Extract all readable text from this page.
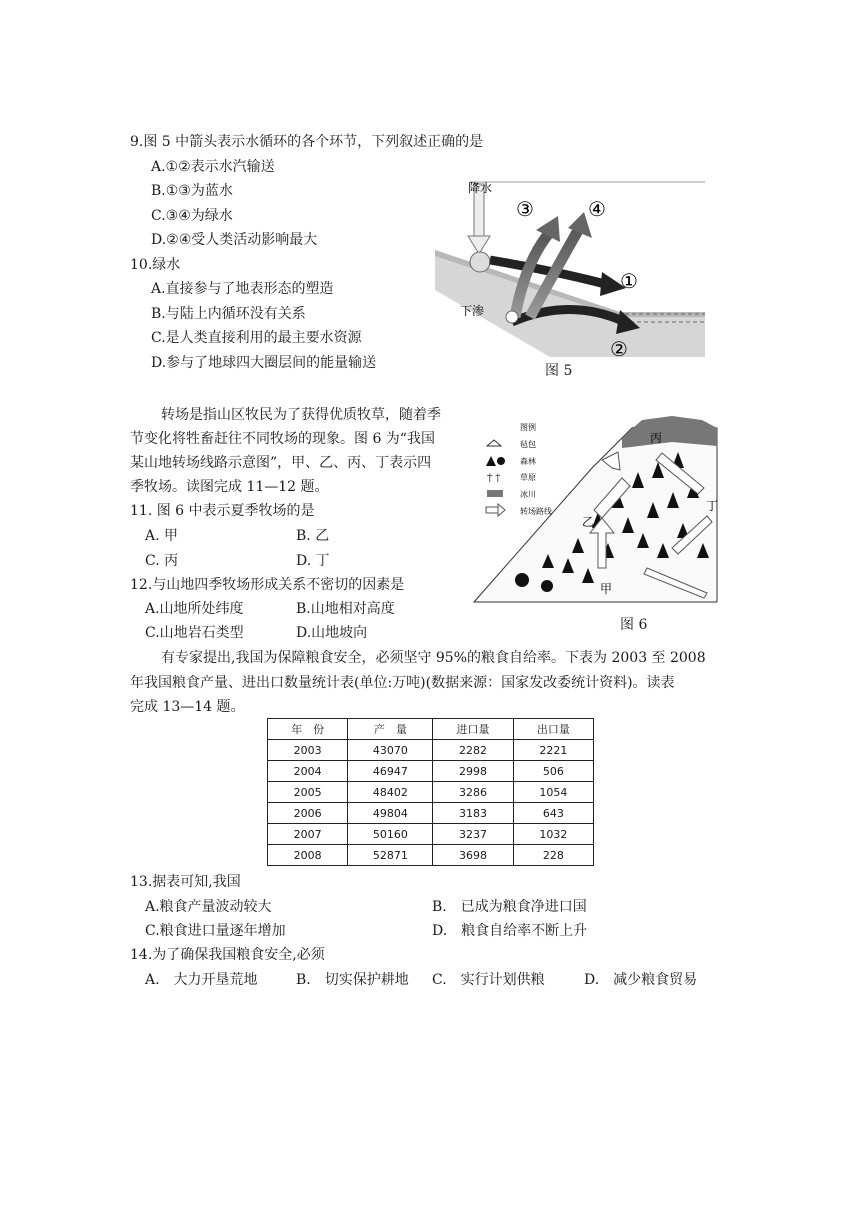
9.图 5 中箭头表示水循环的各个环节，下列叙述正确的是
A.①②表示水汽输送
B.①③为蓝水
C.③④为绿水
D.②④受人类活动影响最大
10.绿水
A.直接参与了地表形态的塑造
B.与陆上内循环没有关系
C.是人类直接利用的最主要水资源
D.参与了地球四大圈层间的能量输送
降水
下渗
③	④
①
②
图 5
转场是指山区牧民为了获得优质牧草，随着季
节变化将牲畜赶往不同牧场的现象。图 6 为“我国
某山地转场线路示意图”，甲、乙、丙、丁表示四
季牧场。读图完成 11—12 题。
11. 图 6 中表示夏季牧场的是
A. 甲	B. 乙
C. 丙	D. 丁
12.与山地四季牧场形成关系不密切的因素是
A.山地所处纬度	B.山地相对高度
C.山地岩石类型	D.山地坡向
图例
毡包
森林
Ϯ ϯ 草原
冰川
转场路线
甲
乙
丙
丁
图 6
有专家提出,我国为保障粮食安全，必须坚守 95%的粮食自给率。下表为 2003 至 2008
年我国粮食产量、进出口数量统计表(单位:万吨)(数据来源：国家发改委统计资料)。读表
完成 13—14 题。
年　份	产　量	进口量	出口量
2003	43070	2282	2221
2004	46947	2998	506
2005	48402	3286	1054
2006	49804	3183	643
2007	50160	3237	1032
2008	52871	3698	228
13.据表可知,我国
A.粮食产量波动较大	B.　已成为粮食净进口国
C.粮食进口量逐年增加	D.　粮食自给率不断上升
14.为了确保我国粮食安全,必须
A.　大力开垦荒地	B.　切实保护耕地 C.　实行计划供粮	D.　减少粮食贸易
